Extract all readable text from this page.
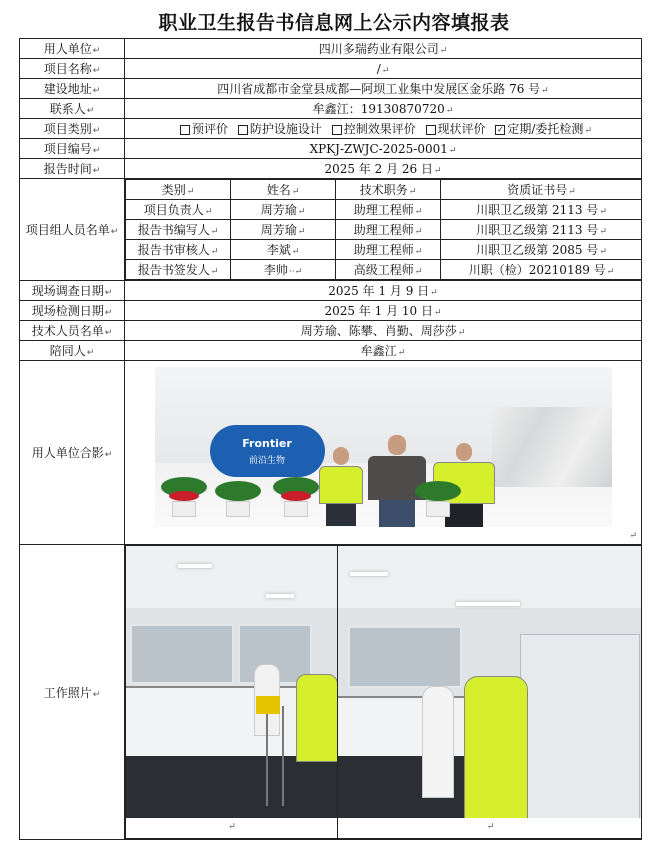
职业卫生报告书信息网上公示内容填报表
用人单位↵	四川多瑞药业有限公司↵
项目名称↵	/↵
建设地址↵	四川省成都市金堂县成都—阿坝工业集中发展区金乐路 76 号↵
联系人↵	牟鑫江：19130870720↵
项目类别↵	预评价 防护设施设计 控制效果评价 现状评价 ✓ 定期/委托检测↵
项目编号↵	XPKJ-ZWJC-2025-0001↵
报告时间↵	2025 年 2 月 26 日↵
项目组人员名单↵	
类别↵	姓名↵	技术职务↵	资质证书号↵
项目负责人↵	周芳瑜↵	助理工程师↵	川职卫乙级第 2113 号↵
报告书编写人↵	周芳瑜↵	助理工程师↵	川职卫乙级第 2113 号↵
报告书审核人↵	李斌↵	助理工程师↵	川职卫乙级第 2085 号↵
报告书签发人↵	李帅··↵	高级工程师↵	川职（检）20210189 号↵

现场调查日期↵	2025 年 1 月 9 日↵
现场检测日期↵	2025 年 1 月 10 日↵
技术人员名单↵	周芳瑜、陈攀、肖勤、周莎莎↵
陪同人↵	牟鑫江↵
用人单位合影↵	
Frontier
前沿生物
↵

工作照片↵	
↵	↵
